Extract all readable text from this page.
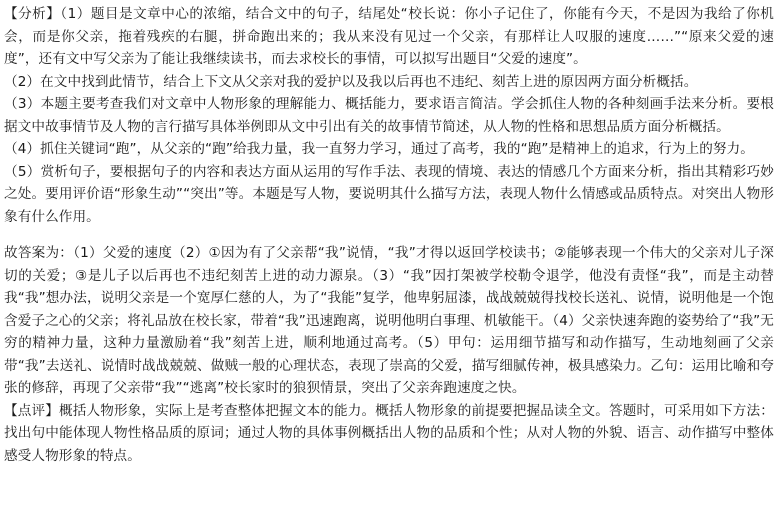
【分析】（1）题目是文章中心的浓缩，结合文中的句子，结尾处“校长说：你小子记住了，你能有今天，不是因为我给了你机会，而是你父亲，拖着残疾的右腿，拼命跑出来的；我从来没有见过一个父亲，有那样让人叹服的速度……”“原来父爱的速度”，还有文中写父亲为了能让我继续读书，而去求校长的事情，可以拟写出题目“父爱的速度”。

（2）在文中找到此情节，结合上下文从父亲对我的爱护以及我以后再也不违纪、刻苦上进的原因两方面分析概括。

（3）本题主要考查我们对文章中人物形象的理解能力、概括能力，要求语言简洁。学会抓住人物的各种刻画手法来分析。要根据文中故事情节及人物的言行描写具体举例即从文中引出有关的故事情节简述，从人物的性格和思想品质方面分析概括。

（4）抓住关键词“跑”，从父亲的“跑”给我力量，我一直努力学习，通过了高考，我的“跑”是精神上的追求，行为上的努力。

（5）赏析句子，要根据句子的内容和表达方面从运用的写作手法、表现的情境、表达的情感几个方面来分析，指出其精彩巧妙之处。要用评价语“形象生动”“突出”等。本题是写人物，要说明其什么描写方法，表现人物什么情感或品质特点。对突出人物形象有什么作用。

故答案为：（1）父爱的速度（2）①因为有了父亲帮“我”说情，“我”才得以返回学校读书；②能够表现一个伟大的父亲对儿子深切的关爱；③是儿子以后再也不违纪刻苦上进的动力源泉。（3）“我”因打架被学校勒令退学，他没有责怪“我”，而是主动替我“我”想办法，说明父亲是一个宽厚仁慈的人，为了“我能”复学，他卑躬屈漆，战战兢兢得找校长送礼、说情，说明他是一个饱含爱子之心的父亲；将礼品放在校长家，带着“我”迅速跑离，说明他明白事理、机敏能干。（4）父亲快速奔跑的姿势给了“我”无穷的精神力量，这种力量激励着“我”刻苦上进，顺利地通过高考。（5）甲句：运用细节描写和动作描写，生动地刻画了父亲带“我”去送礼、说情时战战兢兢、做贼一般的心理状态，表现了崇高的父爱，描写细腻传神，极具感染力。乙句：运用比喻和夸张的修辞，再现了父亲带“我”“逃离”校长家时的狼狈情景，突出了父亲奔跑速度之快。

【点评】概括人物形象，实际上是考查整体把握文本的能力。概括人物形象的前提要把握品读全文。答题时，可采用如下方法：找出句中能体现人物性格品质的原词；通过人物的具体事例概括出人物的品质和个性；从对人物的外貌、语言、动作描写中整体感受人物形象的特点。
